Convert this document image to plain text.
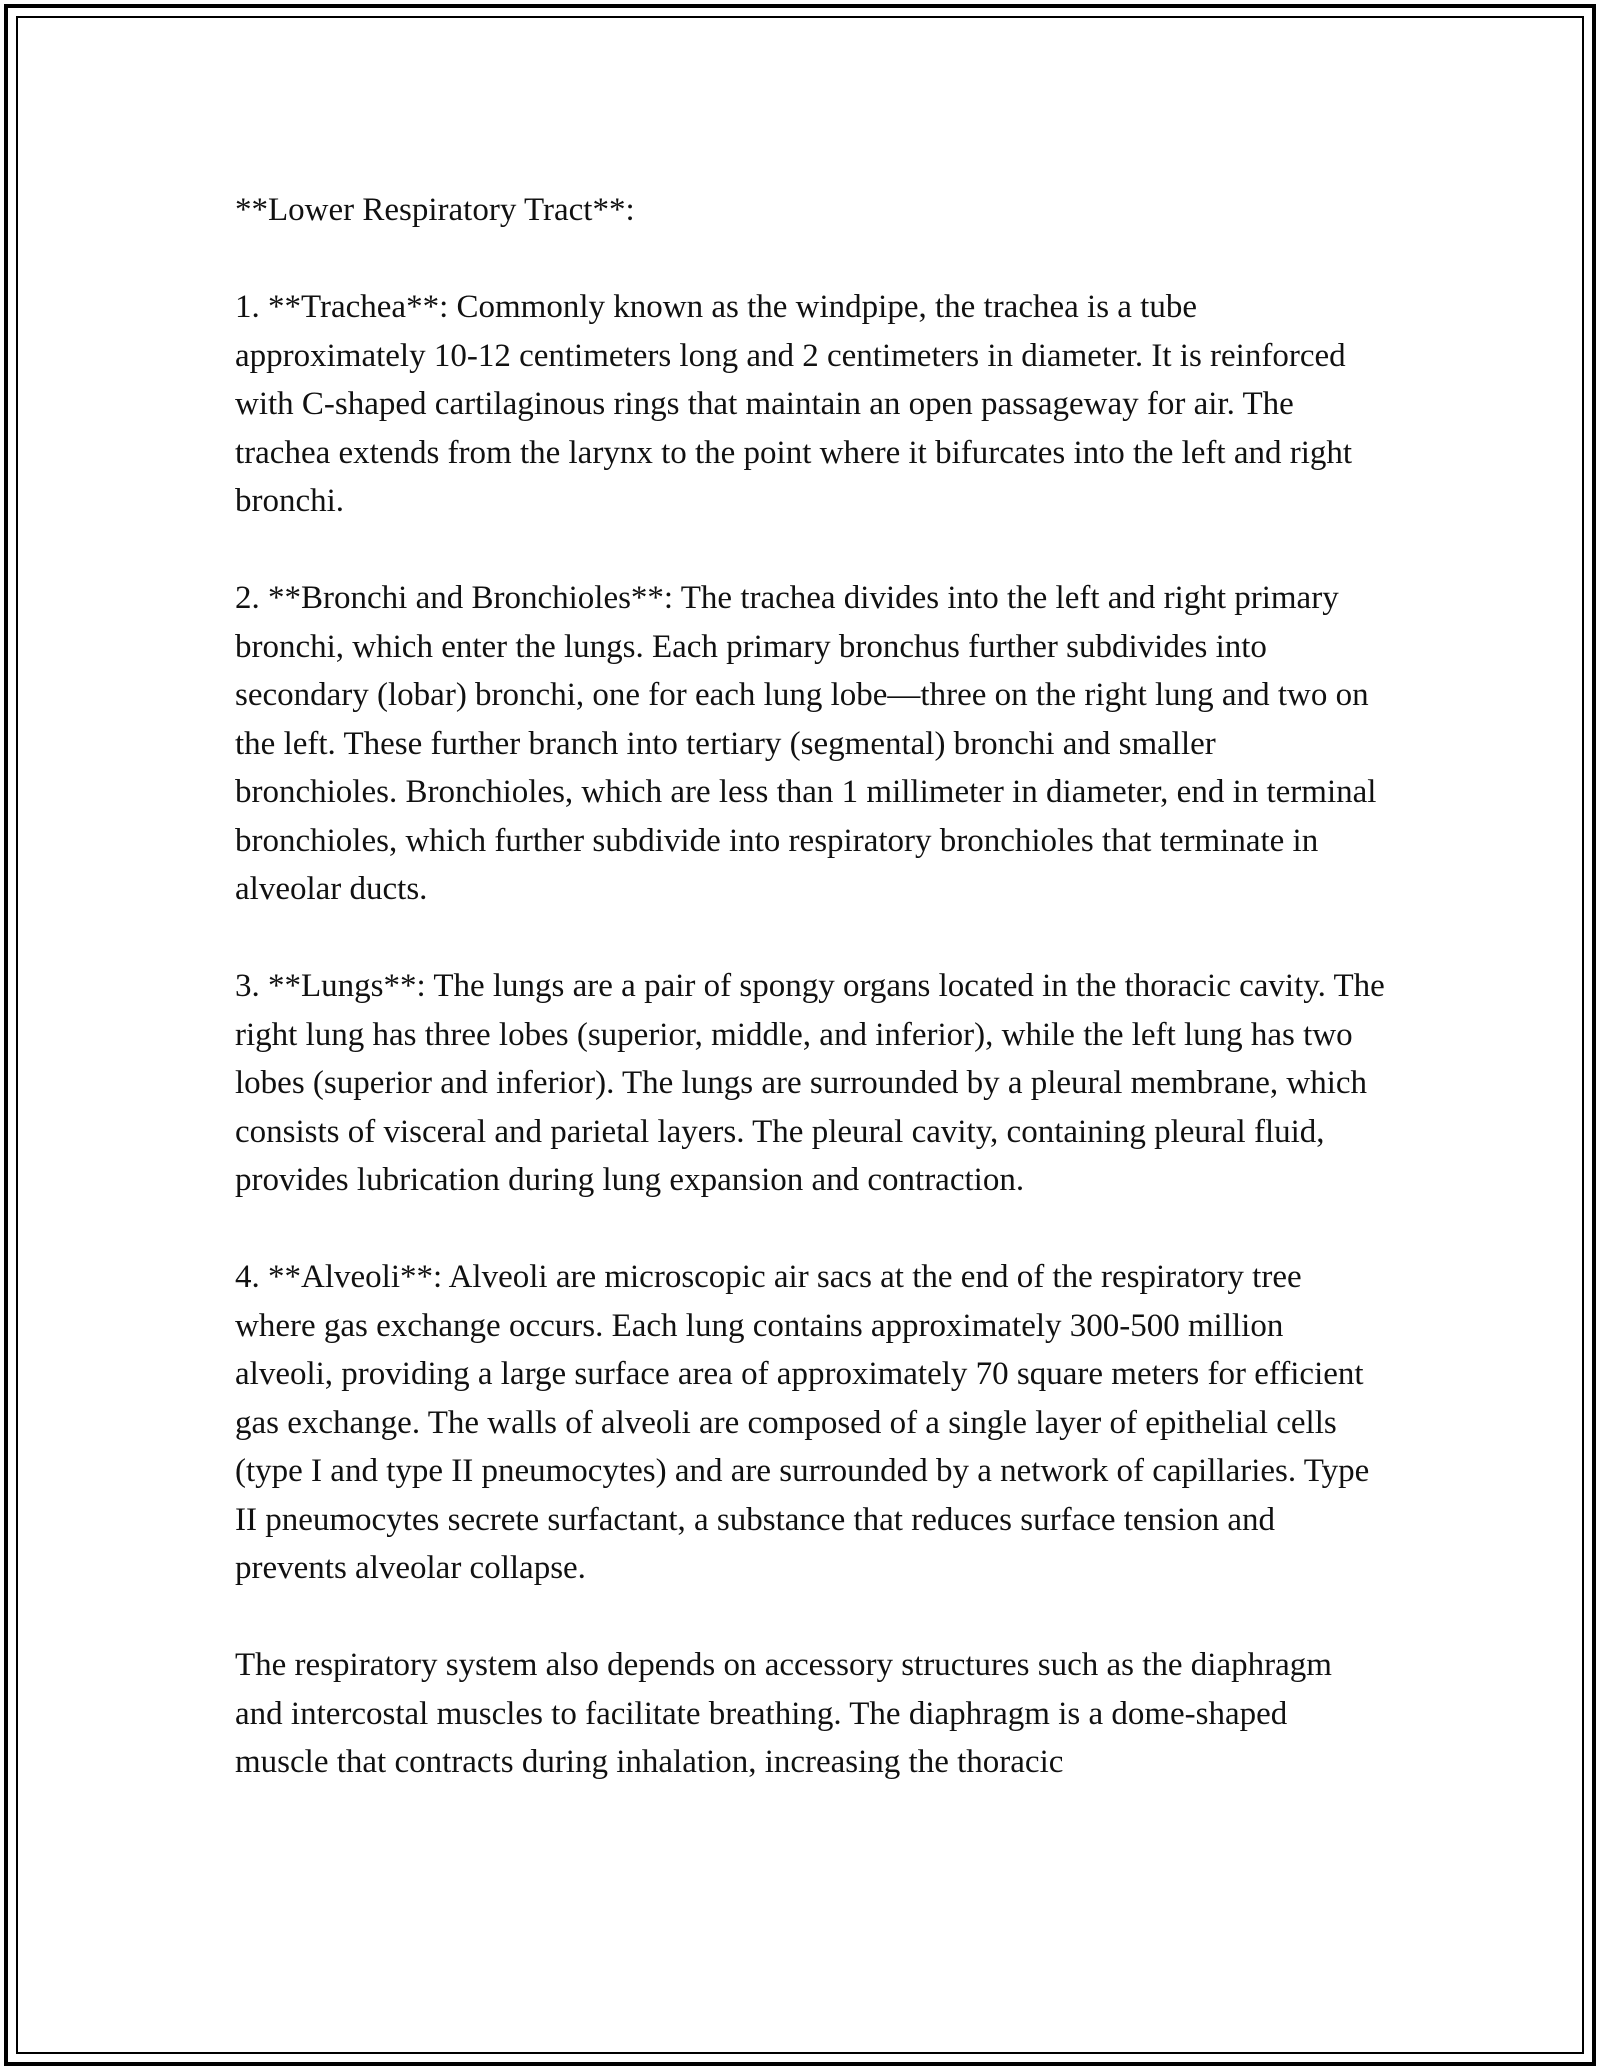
**Lower Respiratory Tract**:

1. **Trachea**: Commonly known as the windpipe, the trachea is a tube approximately 10-12 centimeters long and 2 centimeters in diameter. It is reinforced with C-shaped cartilaginous rings that maintain an open passageway for air. The trachea extends from the larynx to the point where it bifurcates into the left and right bronchi.

2. **Bronchi and Bronchioles**: The trachea divides into the left and right primary bronchi, which enter the lungs. Each primary bronchus further subdivides into secondary (lobar) bronchi, one for each lung lobe—three on the right lung and two on the left. These further branch into tertiary (segmental) bronchi and smaller bronchioles. Bronchioles, which are less than 1 millimeter in diameter, end in terminal bronchioles, which further subdivide into respiratory bronchioles that terminate in alveolar ducts.

3. **Lungs**: The lungs are a pair of spongy organs located in the thoracic cavity. The right lung has three lobes (superior, middle, and inferior), while the left lung has two lobes (superior and inferior). The lungs are surrounded by a pleural membrane, which consists of visceral and parietal layers. The pleural cavity, containing pleural fluid, provides lubrication during lung expansion and contraction.

4. **Alveoli**: Alveoli are microscopic air sacs at the end of the respiratory tree where gas exchange occurs. Each lung contains approximately 300-500 million alveoli, providing a large surface area of approximately 70 square meters for efficient gas exchange. The walls of alveoli are composed of a single layer of epithelial cells (type I and type II pneumocytes) and are surrounded by a network of capillaries. Type II pneumocytes secrete surfactant, a substance that reduces surface tension and prevents alveolar collapse.

The respiratory system also depends on accessory structures such as the diaphragm and intercostal muscles to facilitate breathing. The diaphragm is a dome-shaped muscle that contracts during inhalation, increasing the thoracic
